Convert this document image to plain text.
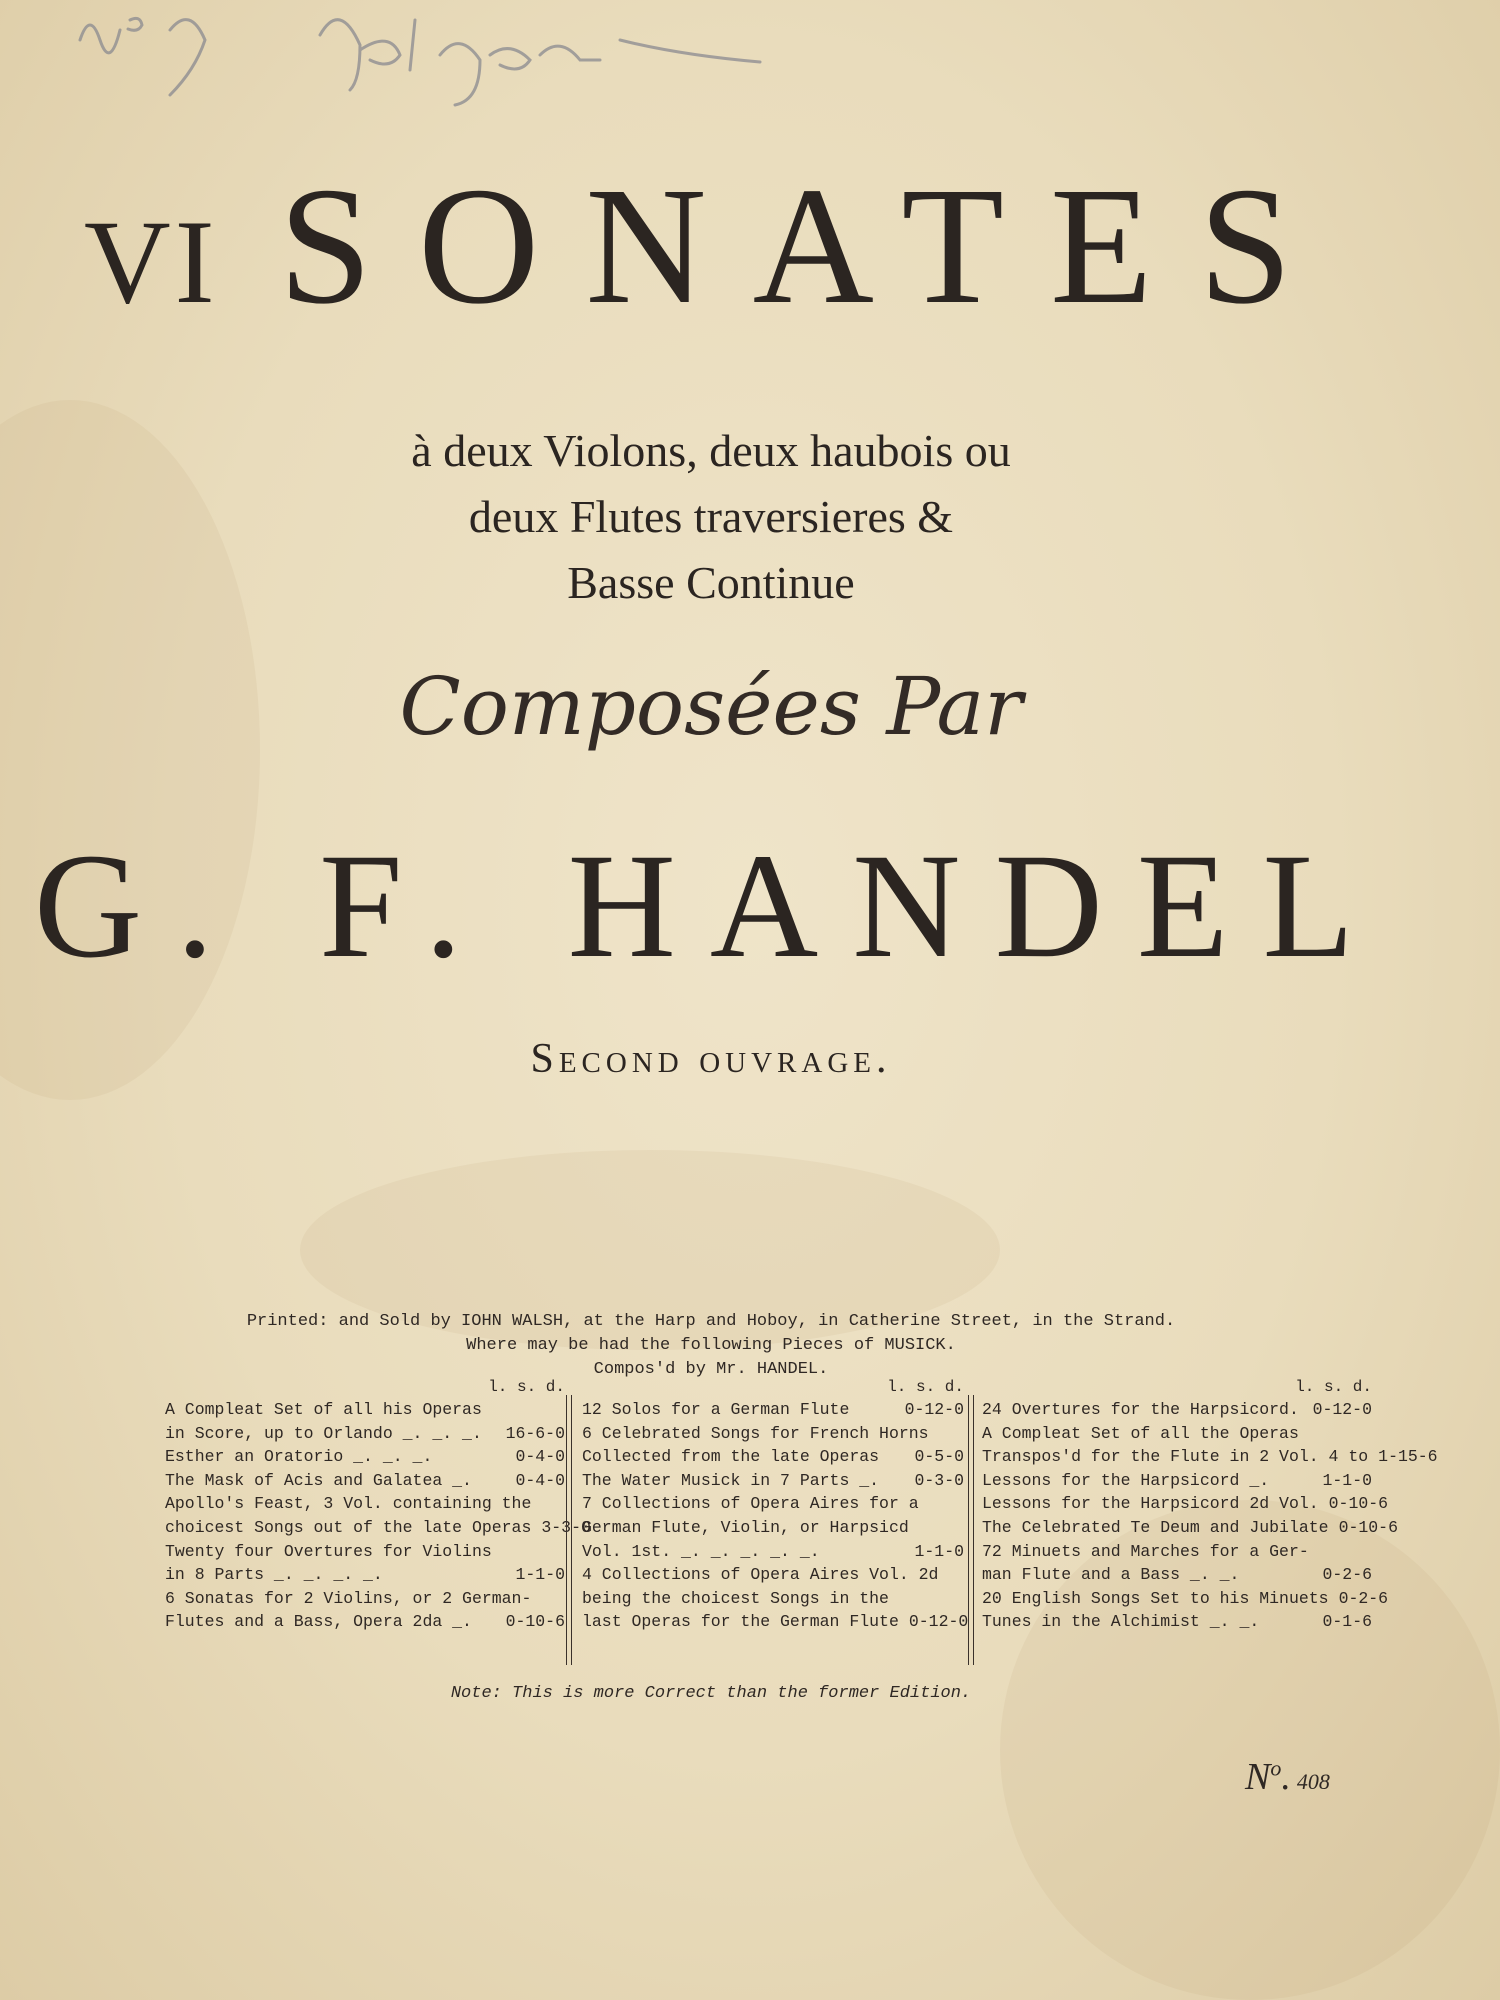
VI SONATES
à deux Violons, deux haubois ou
deux Flutes traversieres &
Basse Continue
Composées Par
G. F. HANDEL
Second ouvrage.
Printed: and Sold by IOHN WALSH, at the Harp and Hoboy, in Catherine Street, in the Strand.
Where may be had the following Pieces of MUSICK.
Compos'd by Mr. HANDEL.
l. s. d.
A Compleat Set of all his Operas
in Score, up to Orlando _. _. _. 16-6-0
Esther an Oratorio _. _. _.	0-4-0
The Mask of Acis and Galatea _.	0-4-0
Apollo's Feast, 3 Vol. containing the
choicest Songs out of the late Operas 3-3-0
Twenty four Overtures for Violins
in 8 Parts _. _. _. _.	1-1-0
6 Sonatas for 2 Violins, or 2 German-
Flutes and a Bass, Opera 2da _. 0-10-6
l. s. d.
12 Solos for a German Flute	0-12-0
6 Celebrated Songs for French Horns
Collected from the late Operas 0-5-0
The Water Musick in 7 Parts _. 0-3-0
7 Collections of Opera Aires for a
German Flute, Violin, or Harpsicd
Vol. 1st. _. _. _. _. _.	1-1-0
4 Collections of Opera Aires Vol. 2d
being the choicest Songs in the
last Operas for the German Flute 0-12-0
l. s. d.
24 Overtures for the Harpsicord. 0-12-0
A Compleat Set of all the Operas
Transpos'd for the Flute in 2 Vol. 4 to 1-15-6
Lessons for the Harpsicord _.	1-1-0
Lessons for the Harpsicord 2d Vol. 0-10-6
The Celebrated Te Deum and Jubilate 0-10-6
72 Minuets and Marches for a Ger-
man Flute and a Bass _. _.	0-2-6
20 English Songs Set to his Minuets 0-2-6
Tunes in the Alchimist _. _.	0-1-6
Note: This is more Correct than the former Edition.
$N^o$. 408
